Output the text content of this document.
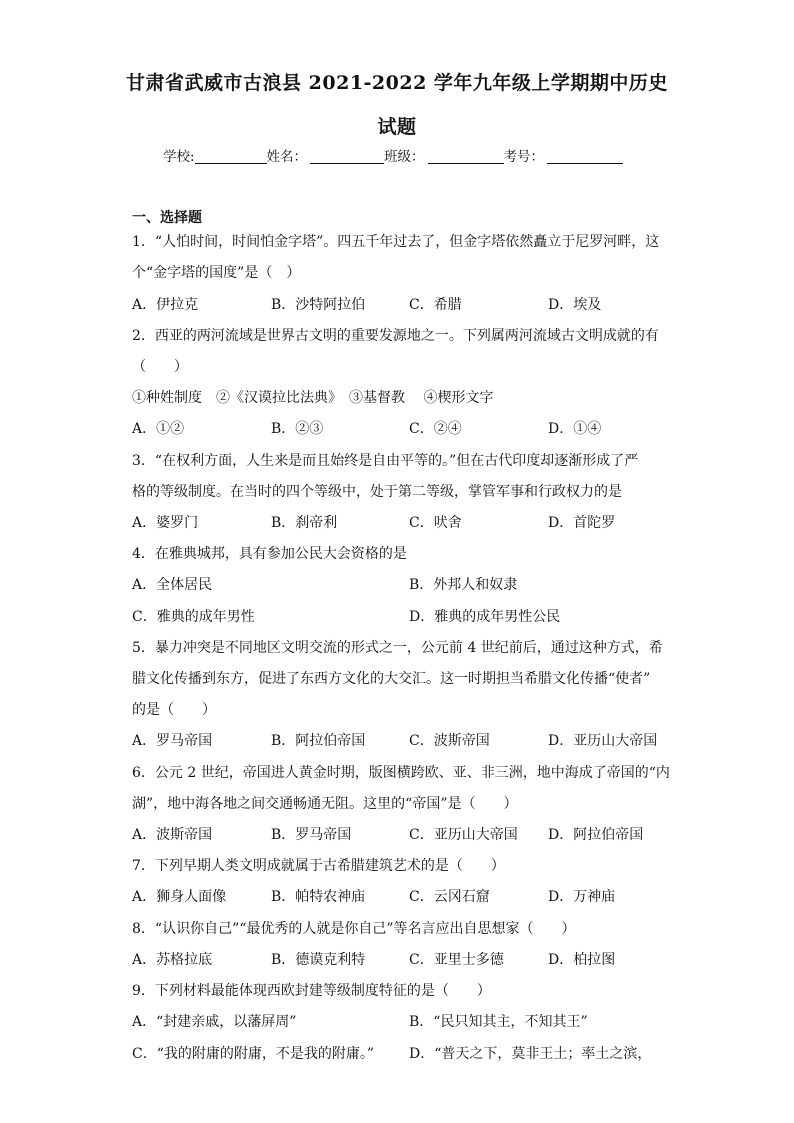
甘肃省武威市古浪县 2021-2022 学年九年级上学期期中历史
试题
学校:	姓名：	班级：	考号：
一、选择题
1．“人怕时间，时间怕金字塔”。四五千年过去了，但金字塔依然矗立于尼罗河畔，这
个“金字塔的国度”是（　）
A．伊拉克	B．沙特阿拉伯	C．希腊	D．埃及
2．西亚的两河流域是世界古文明的重要发源地之一。下列属两河流域古文明成就的有
（　　）
①种姓制度　②《汉谟拉比法典》　③基督教　 ④楔形文字
A．①②	B．②③	C．②④	D．①④
3．“在权利方面，人生来是而且始终是自由平等的。”但在古代印度却逐渐形成了严
格的等级制度。在当时的四个等级中，处于第二等级，掌管军事和行政权力的是
A．婆罗门	B．刹帝利	C．吠舍	D．首陀罗
4．在雅典城邦，具有参加公民大会资格的是
A．全体居民	B．外邦人和奴隶
C．雅典的成年男性	D．雅典的成年男性公民
5．暴力冲突是不同地区文明交流的形式之一，公元前 4 世纪前后，通过这种方式，希
腊文化传播到东方，促进了东西方文化的大交汇。这一时期担当希腊文化传播“使者”
的是（　　）
A．罗马帝国	B．阿拉伯帝国	C．波斯帝国	D．亚历山大帝国
6．公元 2 世纪，帝国进人黄金时期，版图横跨欧、亚、非三洲，地中海成了帝国的“内
湖”，地中海各地之间交通畅通无阻。这里的“帝国”是（　　）
A．波斯帝国	B．罗马帝国	C．亚历山大帝国 D．阿拉伯帝国
7．下列早期人类文明成就属于古希腊建筑艺术的是（　　）
A．狮身人面像	B．帕特农神庙	C．云冈石窟	D．万神庙
8．“认识你自己”“最优秀的人就是你自己”等名言应出自思想家（　　）
A．苏格拉底	B．德谟克利特	C．亚里士多德	D．柏拉图
9．下列材料最能体现西欧封建等级制度特征的是（　　）
A．“封建亲戚，以藩屏周”	B．“民只知其主，不知其王”
C．“我的附庸的附庸，不是我的附庸。” D．“普天之下，莫非王土；率土之滨，
